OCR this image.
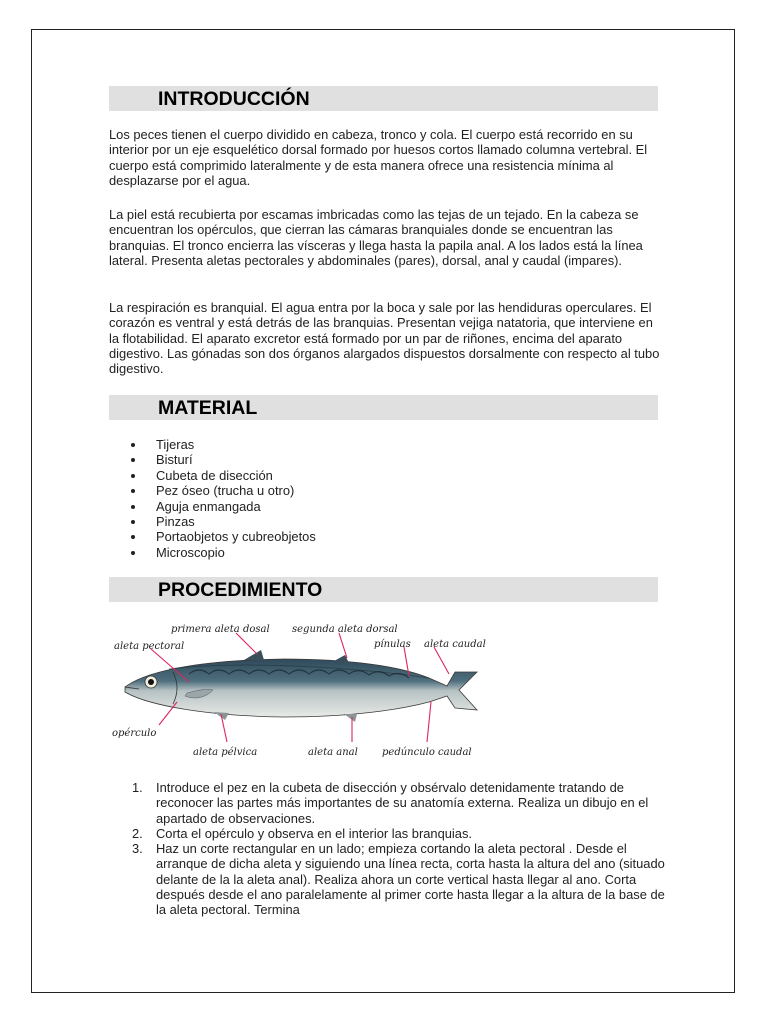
INTRODUCCIÓN

Los peces tienen el cuerpo dividido en cabeza, tronco y cola. El cuerpo está recorrido en su interior por un eje esquelético dorsal formado por huesos cortos llamado columna vertebral. El cuerpo está comprimido lateralmente y de esta manera ofrece una resistencia mínima al desplazarse por el agua.

La piel está recubierta por escamas imbricadas como las tejas de un tejado. En la cabeza se encuentran los opérculos, que cierran las cámaras branquiales donde se encuentran las branquias. El tronco encierra las vísceras y llega hasta la papila anal. A los lados está la línea lateral. Presenta aletas pectorales y abdominales (pares), dorsal, anal y caudal (impares).

La respiración es branquial. El agua entra por la boca y sale por las hendiduras operculares. El corazón es ventral y está detrás de las branquias. Presentan vejiga natatoria, que interviene en la flotabilidad. El aparato excretor está formado por un par de riñones, encima del aparato digestivo. Las gónadas son dos órganos alargados dispuestos dorsalmente con respecto al tubo digestivo.

MATERIAL
Tijeras
Bisturí
Cubeta de disección
Pez óseo (trucha u otro)
Aguja enmangada
Pinzas
Portaobjetos y cubreobjetos
Microscopio
PROCEDIMIENTO
primera aleta dosal segunda aleta dorsal
aleta pectoral	pínulas aleta caudal
opérculo
aleta pélvica	aleta anal pedúnculo caudal
1. Introduce el pez en la cubeta de disección y obsérvalo detenidamente tratando de reconocer las partes más importantes de su anatomía externa. Realiza un dibujo en el apartado de observaciones.
2. Corta el opérculo y observa en el interior las branquias.
3. Haz un corte rectangular en un lado; empieza cortando la aleta pectoral . Desde el arranque de dicha aleta y siguiendo una línea recta, corta hasta la altura del ano (situado delante de la la aleta anal). Realiza ahora un corte vertical hasta llegar al ano. Corta después desde el ano paralelamente al primer corte hasta llegar a la altura de la base de la aleta pectoral. Termina
